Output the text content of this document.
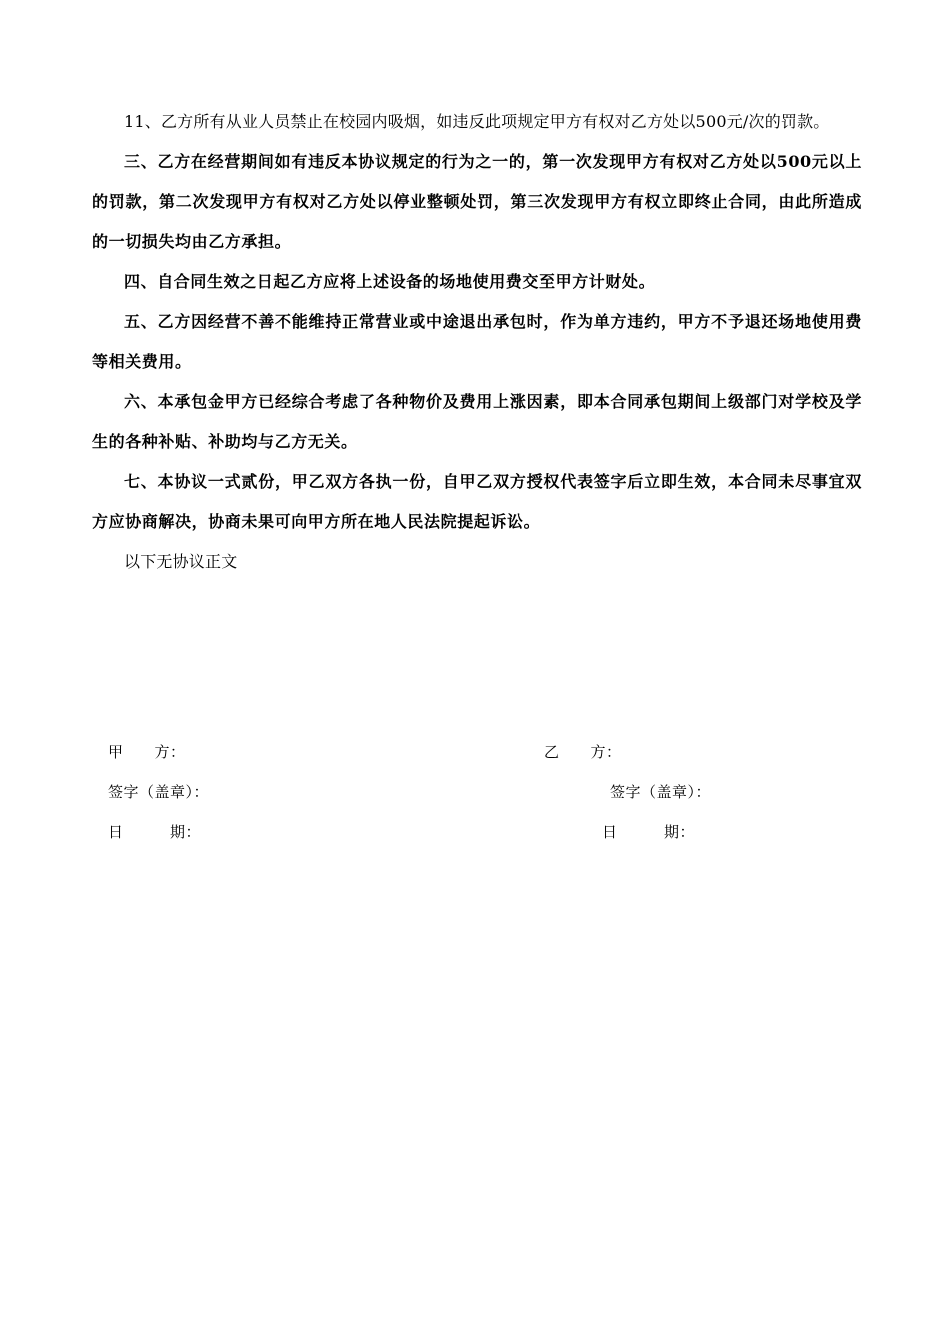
11、乙方所有从业人员禁止在校园内吸烟，如违反此项规定甲方有权对乙方处以500元/次的罚款。

三、乙方在经营期间如有违反本协议规定的行为之一的，第一次发现甲方有权对乙方处以500元以上的罚款，第二次发现甲方有权对乙方处以停业整顿处罚，第三次发现甲方有权立即终止合同，由此所造成的一切损失均由乙方承担。

四、自合同生效之日起乙方应将上述设备的场地使用费交至甲方计财处。

五、乙方因经营不善不能维持正常营业或中途退出承包时，作为单方违约，甲方不予退还场地使用费等相关费用。

六、本承包金甲方已经综合考虑了各种物价及费用上涨因素，即本合同承包期间上级部门对学校及学生的各种补贴、补助均与乙方无关。

七、本协议一式贰份，甲乙双方各执一份，自甲乙双方授权代表签字后立即生效，本合同未尽事宜双方应协商解决，协商未果可向甲方所在地人民法院提起诉讼。

以下无协议正文

甲　　方：
签字（盖章）：
日　　　期：
乙　　方：
签字（盖章）：
日　　　期：
